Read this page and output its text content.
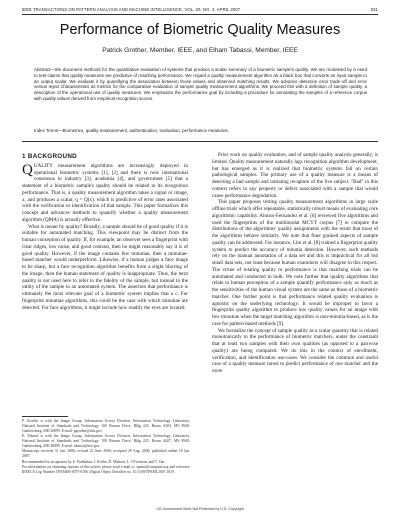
IEEE TRANSACTIONS ON PATTERN ANALYSIS AND MACHINE INTELLIGENCE, VOL. 29, NO. 4, APRIL 2007	531
Performance of Biometric Quality Measures
Patrick Grother, Member, IEEE, and Elham Tabassi, Member, IEEE
Abstract—We document methods for the quantitative evaluation of systems that produce a scalar summary of a biometric sample's quality. We are motivated by a need to test claims that quality measures are predictive of matching performance. We regard a quality measurement algorithm as a black box that converts an input sample to an output scalar. We evaluate it by quantifying the association between those values and observed matching results. We advance detection error trade-off and error versus reject characteristics as metrics for the comparative evaluation of sample quality measurement algorithms. We proceed this with a definition of sample quality, a description of the operational use of quality measures. We emphasize the performance goal by including a procedure for annotating the samples of a reference corpus with quality values derived from empirical recognition scores.
Index Terms—Biometrics, quality measurement, authentication, evaluation, performance measures.
1 BACKGROUND

QUALITY measurement algorithms are increasingly deployed in operational biometric systems [1], [2] and there is now international consensus in industry [3], academia [4], and government [5] that a statement of a biometric sample's quality should be related to its recognition performance. That is, a quality measurement algorithm takes a signal or image, x, and produces a scalar, q = Q(x), which is predictive of error rates associated with the verification or identification of that sample. This paper formalizes this concept and advances methods to quantify whether a quality measurement algorithm (QMA) is actually effective.

What is meant by quality? Broadly, a sample should be of good quality if it is suitable for automated matching. This viewpoint may be distinct from the human conception of quality. If, for example, an observer sees a fingerprint with clear ridges, low noise, and good contrast, then he might reasonably say it is of good quality. However, if the image contains few minutiae, then a minutiae-based matcher would underperform. Likewise, if a human judges a face image to be sharp, but a face recognition algorithm benefits from a slight blurring of the image, then the human statement of quality is inappropriate. Thus, the term quality is not used here to refer to the fidelity of the sample, but instead to the utility of the sample to an automated system. The assertion that performance is ultimately the most relevant goal of a biometric system implies that a c. For fingerprint minutiae algorithms, this could be the case with which minutiae are detected. For face algorithms, it might include how readily the eyes are located.

P. Grother is with the Image Group, Information Access Division, Information Technology Laboratory, National Institute of Standards and Technology, 100 Bureau Drive, Bldg 225, Room A203, MS 8940, Gaithersburg, MD 20899. E-mail: pgrother@nist.gov.

E. Tabassi is with the Image Group, Information Access Division, Information Technology Laboratory, National Institute of Standards and Technology, 100 Bureau Drive, Bldg 225, Room A207, MS 8940, Gaithersburg, MD 20899. E-mail: tabassi@nist.gov.

Manuscript received 31 Jan. 2006; revised 22 June 2006; accepted 29 Aug. 2006; published online 18 Jan. 2007.

Recommended for acceptance by S. Prabhakar, J. Kittler, D. Maltoni, L. O'Gorman, and T. Tan.

For information on obtaining reprints of this article, please send e-mail to: tpami@computer.org and reference IEEECS Log Number TPAMISI-0075-0106. Digital Object Identifier no. 10.1109/TPAMI.2007.1019.

Prior work on quality evaluation, and of sample quality analysis generally, is limited. Quality measurement naturally lags recognition algorithm development, but has emerged as it is realized that biometric systems fail on certain pathological samples. The primary use of a quality measure is a means of detecting a bad sample and initiating recapture of the live subject. "Bad" in this context refers to any property or defect associated with a sample that would cause performance degradation.

This paper proposes testing quality measurement algorithms in large scale offline trials which offer repeatable, statistically robust means of evaluating core algorithmic capability. Alonso-Fernandez et al. [6] reviewed five algorithms and used the fingerprints of the multimodal MCYT corpus [7] to compare the distributions of the algorithms' quality assignments with the result that most of the algorithms behave similarly. We note that finer grained aspects of sample quality can be addressed. For instance, Lim et al. [8] trained a fingerprint quality system to predict the accuracy of minutia detection. However, such methods rely on the manual annotation of a data set and this is impractical for all but small data sets, not least because human examiners will disagree in this respect. The virtue of relating quality to performance is that matching trials can be automated and conducted in bulk. We note further that quality algorithms that relate to human perception of a sample quantify performance only as much as the sensitivities of the human visual system are the same as those of a biometric matcher. One further point is that performance related quality evaluation is agnostic on the underlying technology: It would be improper to favor a fingerprint quality algorithm to produce low quality values for an image with few minutiae when the target matching algorithm is non-minutia-based, as is the case for pattern-based methods [9].

We formalize the concept of sample quality as a scalar quantity that is related monotonically to the performance of biometric matchers, under the constraint that at least two samples with their own qualities (as opposed to a pairwise quality) are being compared. We do this in the context of enrollment, verification, and identification use-cases. We consider the common and useful case of a quality measure tuned to predict performance of one matcher and the more

US Government Work Not Protected by U.S. Copyright
